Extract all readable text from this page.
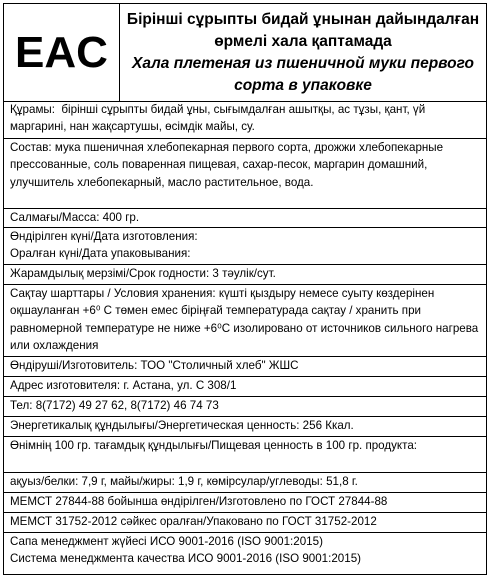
EAC
Бірінші сұрыпты бидай ұнынан дайындалған өрмелі хала қаптамада
Хала плетеная из пшеничной муки первого сорта в упаковке
Құрамы:  бірінші сұрыпты бидай ұны, сығымдалған ашытқы, ас тұзы, қант, үй маргарині, нан жақсартушы, өсімдік майы, су.
Состав: мука пшеничная хлебопекарная первого сорта, дрожжи хлебопекарные прессованные, соль поваренная пищевая, сахар-песок, маргарин домашний, улучшитель хлебопекарный, масло растительное, вода.
Салмағы/Масса: 400 гр.
Өндірілген күні/Дата изготовления:
Оралған күні/Дата упаковывания:
Жарамдылық мерзімі/Срок годности: 3 тәулік/сут.
Сақтау шарттары / Условия хранения: күшті қыздыру немесе суыту көздерінен оқшауланған +6⁰ С төмен емес біріңғай температурада сақтау / хранить при равномерной температуре не ниже +6⁰С изолировано от источников сильного нагрева или охлаждения
Өндіруші/Изготовитель: ТОО "Столичный хлеб" ЖШС
Адрес изготовителя: г. Астана, ул. С 308/1
Тел: 8(7172) 49 27 62, 8(7172) 46 74 73
Энергетикалық құндылығы/Энергетическая ценность: 256 Ккал.
Өнімнің 100 гр. тағамдық құндылығы/Пищевая ценность в 100 гр. продукта:
ақуыз/белки: 7,9 г, майы/жиры: 1,9 г, көмірсулар/углеводы: 51,8 г.
МЕМСТ 27844-88 бойынша өндірілген/Изготовлено по ГОСТ 27844-88
МЕМСТ 31752-2012 сәйкес оралған/Упаковано по ГОСТ 31752-2012
Сапа менеджмент жүйесі ИСО 9001-2016 (ISO 9001:2015)
Система менеджмента качества ИСО 9001-2016 (ISO 9001:2015)
